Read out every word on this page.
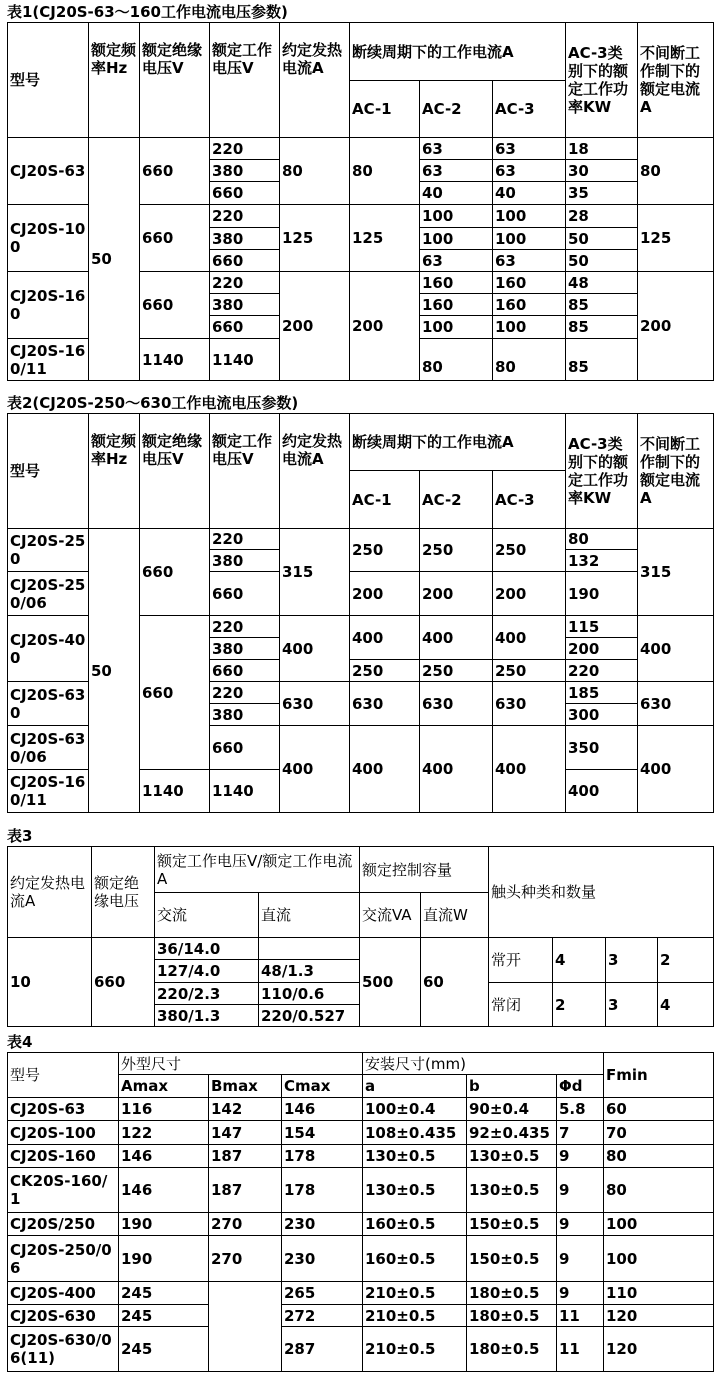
表1(CJ20S-63～160工作电流电压参数)
型号	额定频率Hz	额定绝缘电压V	额定工作电压V	约定发热电流A	断续周期下的工作电流A			AC-3类别下的额定工作功率KW	不间断工作制下的额定电流A
					AC-1	AC-2	AC-3		
CJ20S-63	50	660	220	80	80	63	63	18	80
			380			63	63	30	
			660			40	40	35	
CJ20S-100		660	220	125	125	100	100	28	125
			380			100	100	50	
			660			63	63	50	
CJ20S-160		660	220	200	200	160	160	48	200
			380			160	160	85	
			660			100	100	85	
CJ20S-160/11		1140	1140			80	80	85	

表2(CJ20S-250～630工作电流电压参数)
型号	额定频率Hz	额定绝缘电压V	额定工作电压V	约定发热电流A	断续周期下的工作电流A			AC-3类别下的额定工作功率KW	不间断工作制下的额定电流A
					AC-1	AC-2	AC-3		
CJ20S-250	50	660	220	315	250	250	250	80	315
			380					132	
CJ20S-250/06			660		200	200	200	190	

CJ20S-400		660	220	400	400	400	400	115	400
			380					200	
			660		250	250	250	220	
CJ20S-630			220	630	630	630	630	185	630
			380					300	
CJ20S-630/06			660	400	400	400	400	350	400

CJ20S-160/11		1140	1140					400	

表3
约定发热电流A	额定绝缘电压	额定工作电压V/额定工作电流A		额定控制容量		触头种类和数量			
		交流	直流	交流VA	直流W				
10	660	36/14.0		500	60	常开	4	3	2
		127/4.0	48/1.3						
		220/2.3	110/0.6			常闭	2	3	4
		380/1.3	220/0.527						
表4
型号	外型尺寸			安装尺寸(mm)			Fmin
	Amax	Bmax	Cmax	a	b	Φd	
CJ20S-63	116	142	146	100±0.4	90±0.4	5.8	60
CJ20S-100	122	147	154	108±0.435	92±0.435	7	70
CJ20S-160	146	187	178	130±0.5	130±0.5	9	80
CK20S-160/1	146	187	178	130±0.5	130±0.5	9	80
CJ20S/250	190	270	230	160±0.5	150±0.5	9	100
CJ20S-250/06	190	270	230	160±0.5	150±0.5	9	100
CJ20S-400	245		265	210±0.5	180±0.5	9	110
CJ20S-630	245		272	210±0.5	180±0.5	11	120
CJ20S-630/06(11)	245		287	210±0.5	180±0.5	11	120
